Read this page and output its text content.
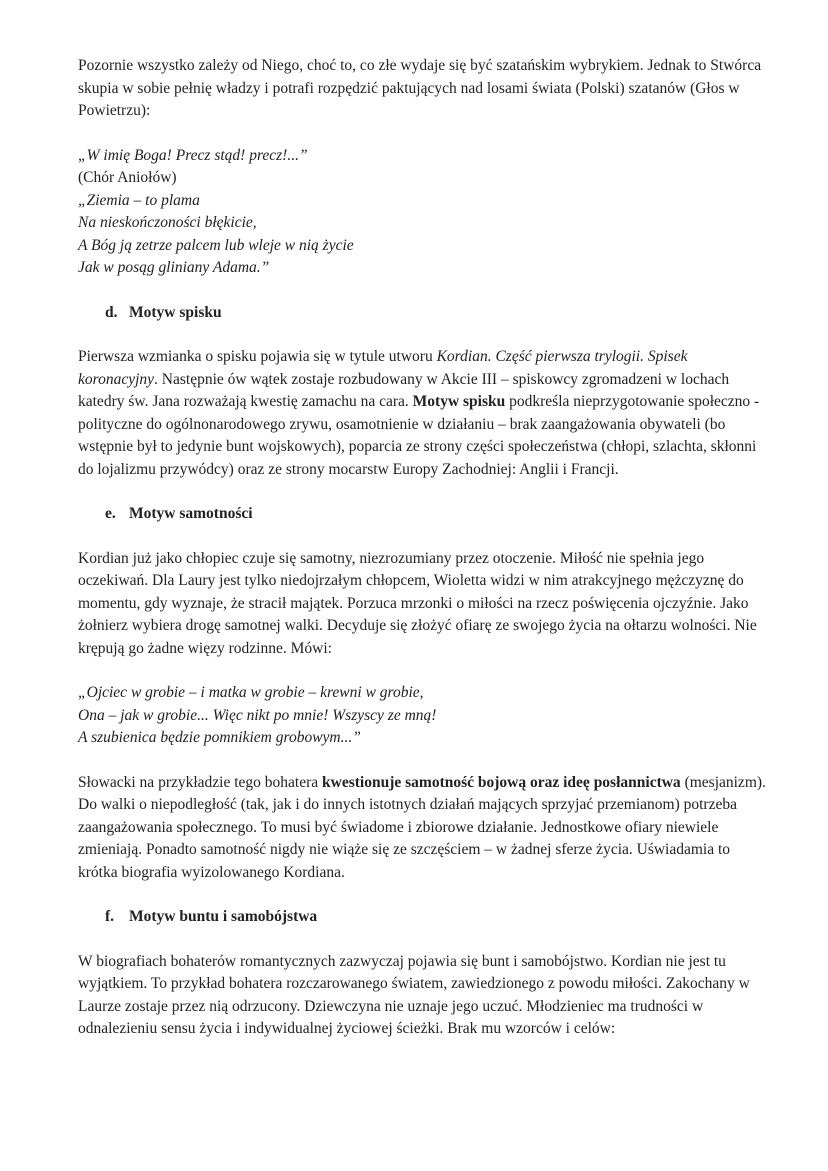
Pozornie wszystko zależy od Niego, choć to, co złe wydaje się być szatańskim wybrykiem. Jednak to Stwórca skupia w sobie pełnię władzy i potrafi rozpędzić paktujących nad losami świata (Polski) szatanów (Głos w Powietrzu):

„W imię Boga! Precz stąd! precz!...”

(Chór Aniołów)

„Ziemia – to plama

Na nieskończoności błękicie,

A Bóg ją zetrze palcem lub wleje w nią życie

Jak w posąg gliniany Adama.”

d. Motyw spisku

Pierwsza wzmianka o spisku pojawia się w tytule utworu Kordian. Część pierwsza trylogii. Spisek koronacyjny. Następnie ów wątek zostaje rozbudowany w Akcie III – spiskowcy zgromadzeni w lochach katedry św. Jana rozważają kwestię zamachu na cara. Motyw spisku podkreśla nieprzygotowanie społeczno - polityczne do ogólnonarodowego zrywu, osamotnienie w działaniu – brak zaangażowania obywateli (bo wstępnie był to jedynie bunt wojskowych), poparcia ze strony części społeczeństwa (chłopi, szlachta, skłonni do lojalizmu przywódcy) oraz ze strony mocarstw Europy Zachodniej: Anglii i Francji.

e. Motyw samotności

Kordian już jako chłopiec czuje się samotny, niezrozumiany przez otoczenie. Miłość nie spełnia jego oczekiwań. Dla Laury jest tylko niedojrzałym chłopcem, Wioletta widzi w nim atrakcyjnego mężczyznę do momentu, gdy wyznaje, że stracił majątek. Porzuca mrzonki o miłości na rzecz poświęcenia ojczyźnie. Jako żołnierz wybiera drogę samotnej walki. Decyduje się złożyć ofiarę ze swojego życia na ołtarzu wolności. Nie krępują go żadne więzy rodzinne. Mówi:

„Ojciec w grobie – i matka w grobie – krewni w grobie,

Ona – jak w grobie... Więc nikt po mnie! Wszyscy ze mną!

A szubienica będzie pomnikiem grobowym...”

Słowacki na przykładzie tego bohatera kwestionuje samotność bojową oraz ideę posłannictwa (mesjanizm). Do walki o niepodległość (tak, jak i do innych istotnych działań mających sprzyjać przemianom) potrzeba zaangażowania społecznego. To musi być świadome i zbiorowe działanie. Jednostkowe ofiary niewiele zmieniają. Ponadto samotność nigdy nie wiąże się ze szczęściem – w żadnej sferze życia. Uświadamia to krótka biografia wyizolowanego Kordiana.

f. Motyw buntu i samobójstwa

W biografiach bohaterów romantycznych zazwyczaj pojawia się bunt i samobójstwo. Kordian nie jest tu wyjątkiem. To przykład bohatera rozczarowanego światem, zawiedzionego z powodu miłości. Zakochany w Laurze zostaje przez nią odrzucony. Dziewczyna nie uznaje jego uczuć. Młodzieniec ma trudności w odnalezieniu sensu życia i indywidualnej życiowej ścieżki. Brak mu wzorców i celów:
